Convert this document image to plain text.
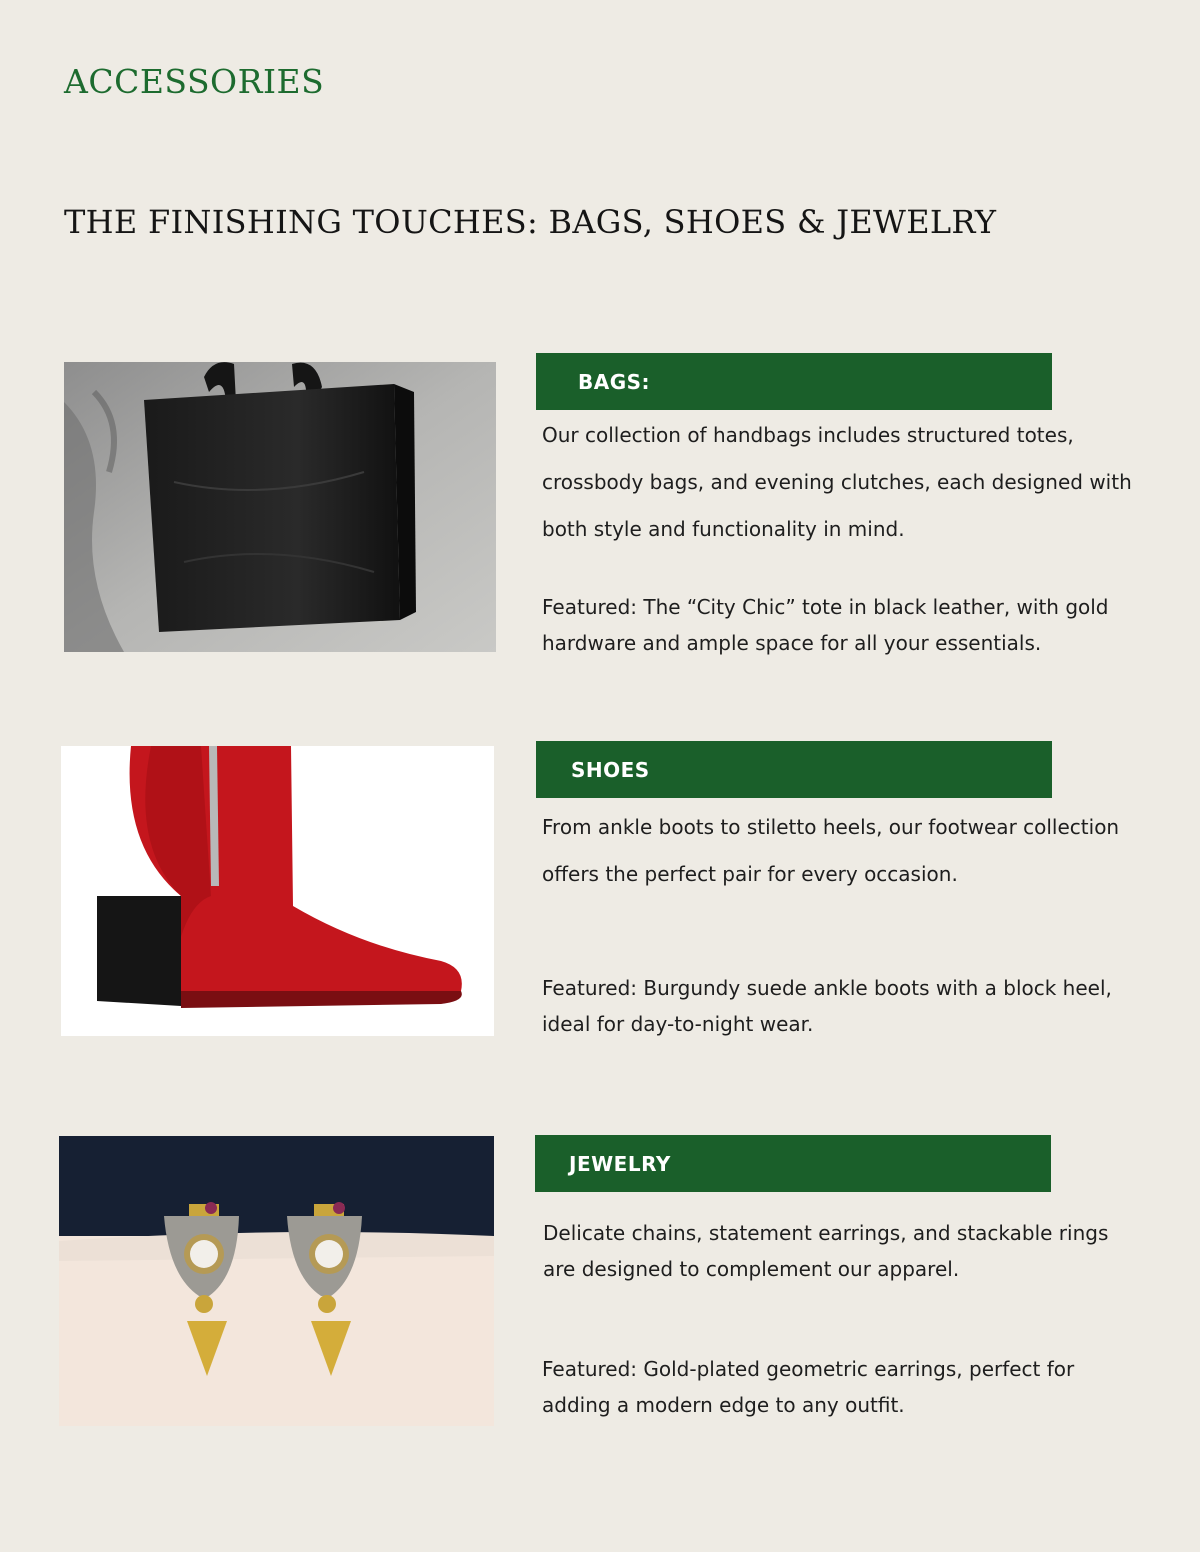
ACCESSORIES
THE FINISHING TOUCHES: BAGS, SHOES & JEWELRY
BAGS:

Our collection of handbags includes structured totes, crossbody bags, and evening clutches, each designed with both style and functionality in mind.

Featured: The “City Chic” tote in black leather, with gold hardware and ample space for all your essentials.

SHOES

From ankle boots to stiletto heels, our footwear collection offers the perfect pair for every occasion.

Featured: Burgundy suede ankle boots with a block heel, ideal for day-to-night wear.

JEWELRY

Delicate chains, statement earrings, and stackable rings are designed to complement our apparel.

Featured: Gold-plated geometric earrings, perfect for adding a modern edge to any outfit.
